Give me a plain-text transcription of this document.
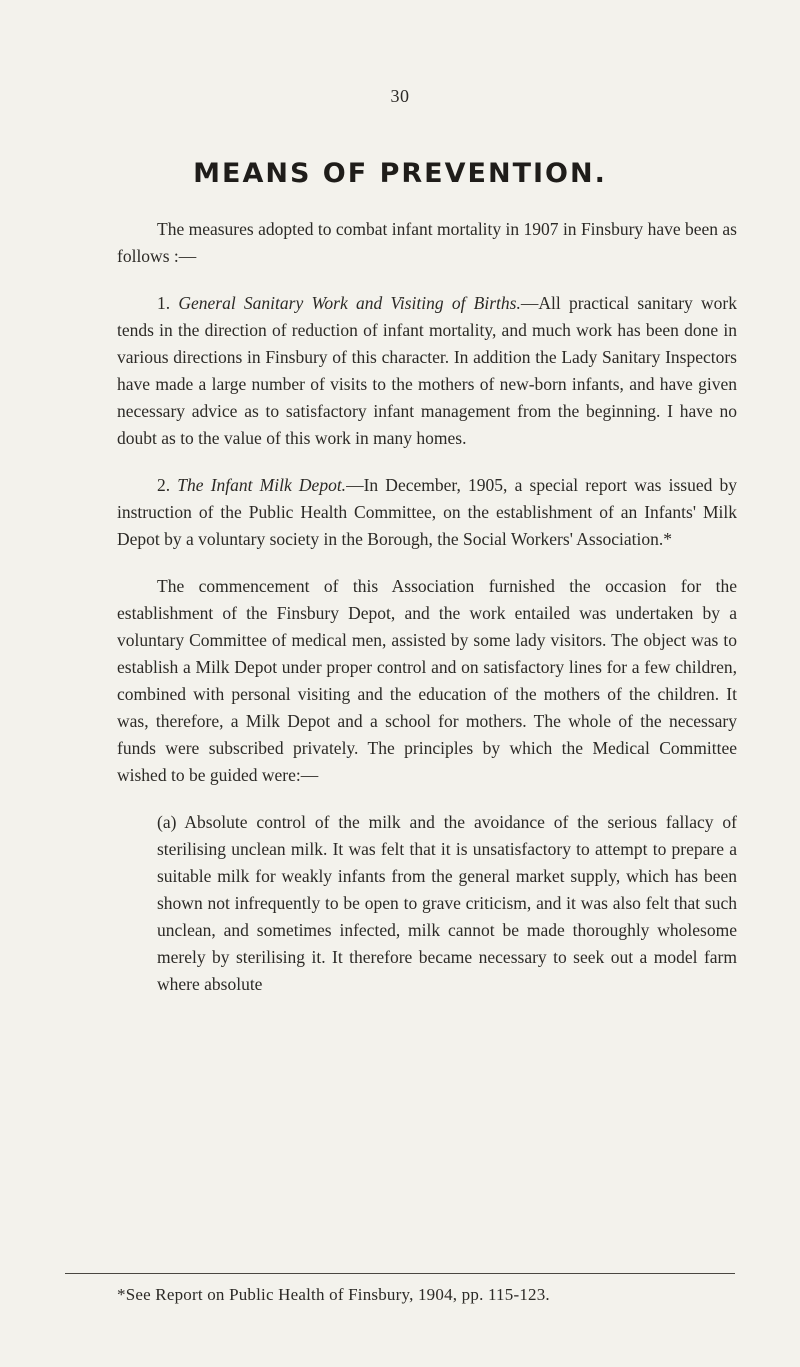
30
MEANS OF PREVENTION.

The measures adopted to combat infant mortality in 1907 in Finsbury have been as follows :—

1. General Sanitary Work and Visiting of Births.—All practical sanitary work tends in the direction of reduction of infant mortality, and much work has been done in various directions in Finsbury of this character. In addition the Lady Sanitary Inspectors have made a large number of visits to the mothers of new-born infants, and have given necessary advice as to satisfactory infant management from the beginning. I have no doubt as to the value of this work in many homes.

2. The Infant Milk Depot.—In December, 1905, a special report was issued by instruction of the Public Health Committee, on the establishment of an Infants' Milk Depot by a voluntary society in the Borough, the Social Workers' Association.*

The commencement of this Association furnished the occasion for the establishment of the Finsbury Depot, and the work entailed was undertaken by a voluntary Committee of medical men, assisted by some lady visitors. The object was to establish a Milk Depot under proper control and on satisfactory lines for a few children, combined with personal visiting and the education of the mothers of the children. It was, therefore, a Milk Depot and a school for mothers. The whole of the necessary funds were subscribed privately. The principles by which the Medical Committee wished to be guided were:—

(a) Absolute control of the milk and the avoidance of the serious fallacy of sterilising unclean milk. It was felt that it is unsatisfactory to attempt to prepare a suitable milk for weakly infants from the general market supply, which has been shown not infrequently to be open to grave criticism, and it was also felt that such unclean, and sometimes infected, milk cannot be made thoroughly wholesome merely by sterilising it. It therefore became necessary to seek out a model farm where absolute

*See Report on Public Health of Finsbury, 1904, pp. 115-123.
